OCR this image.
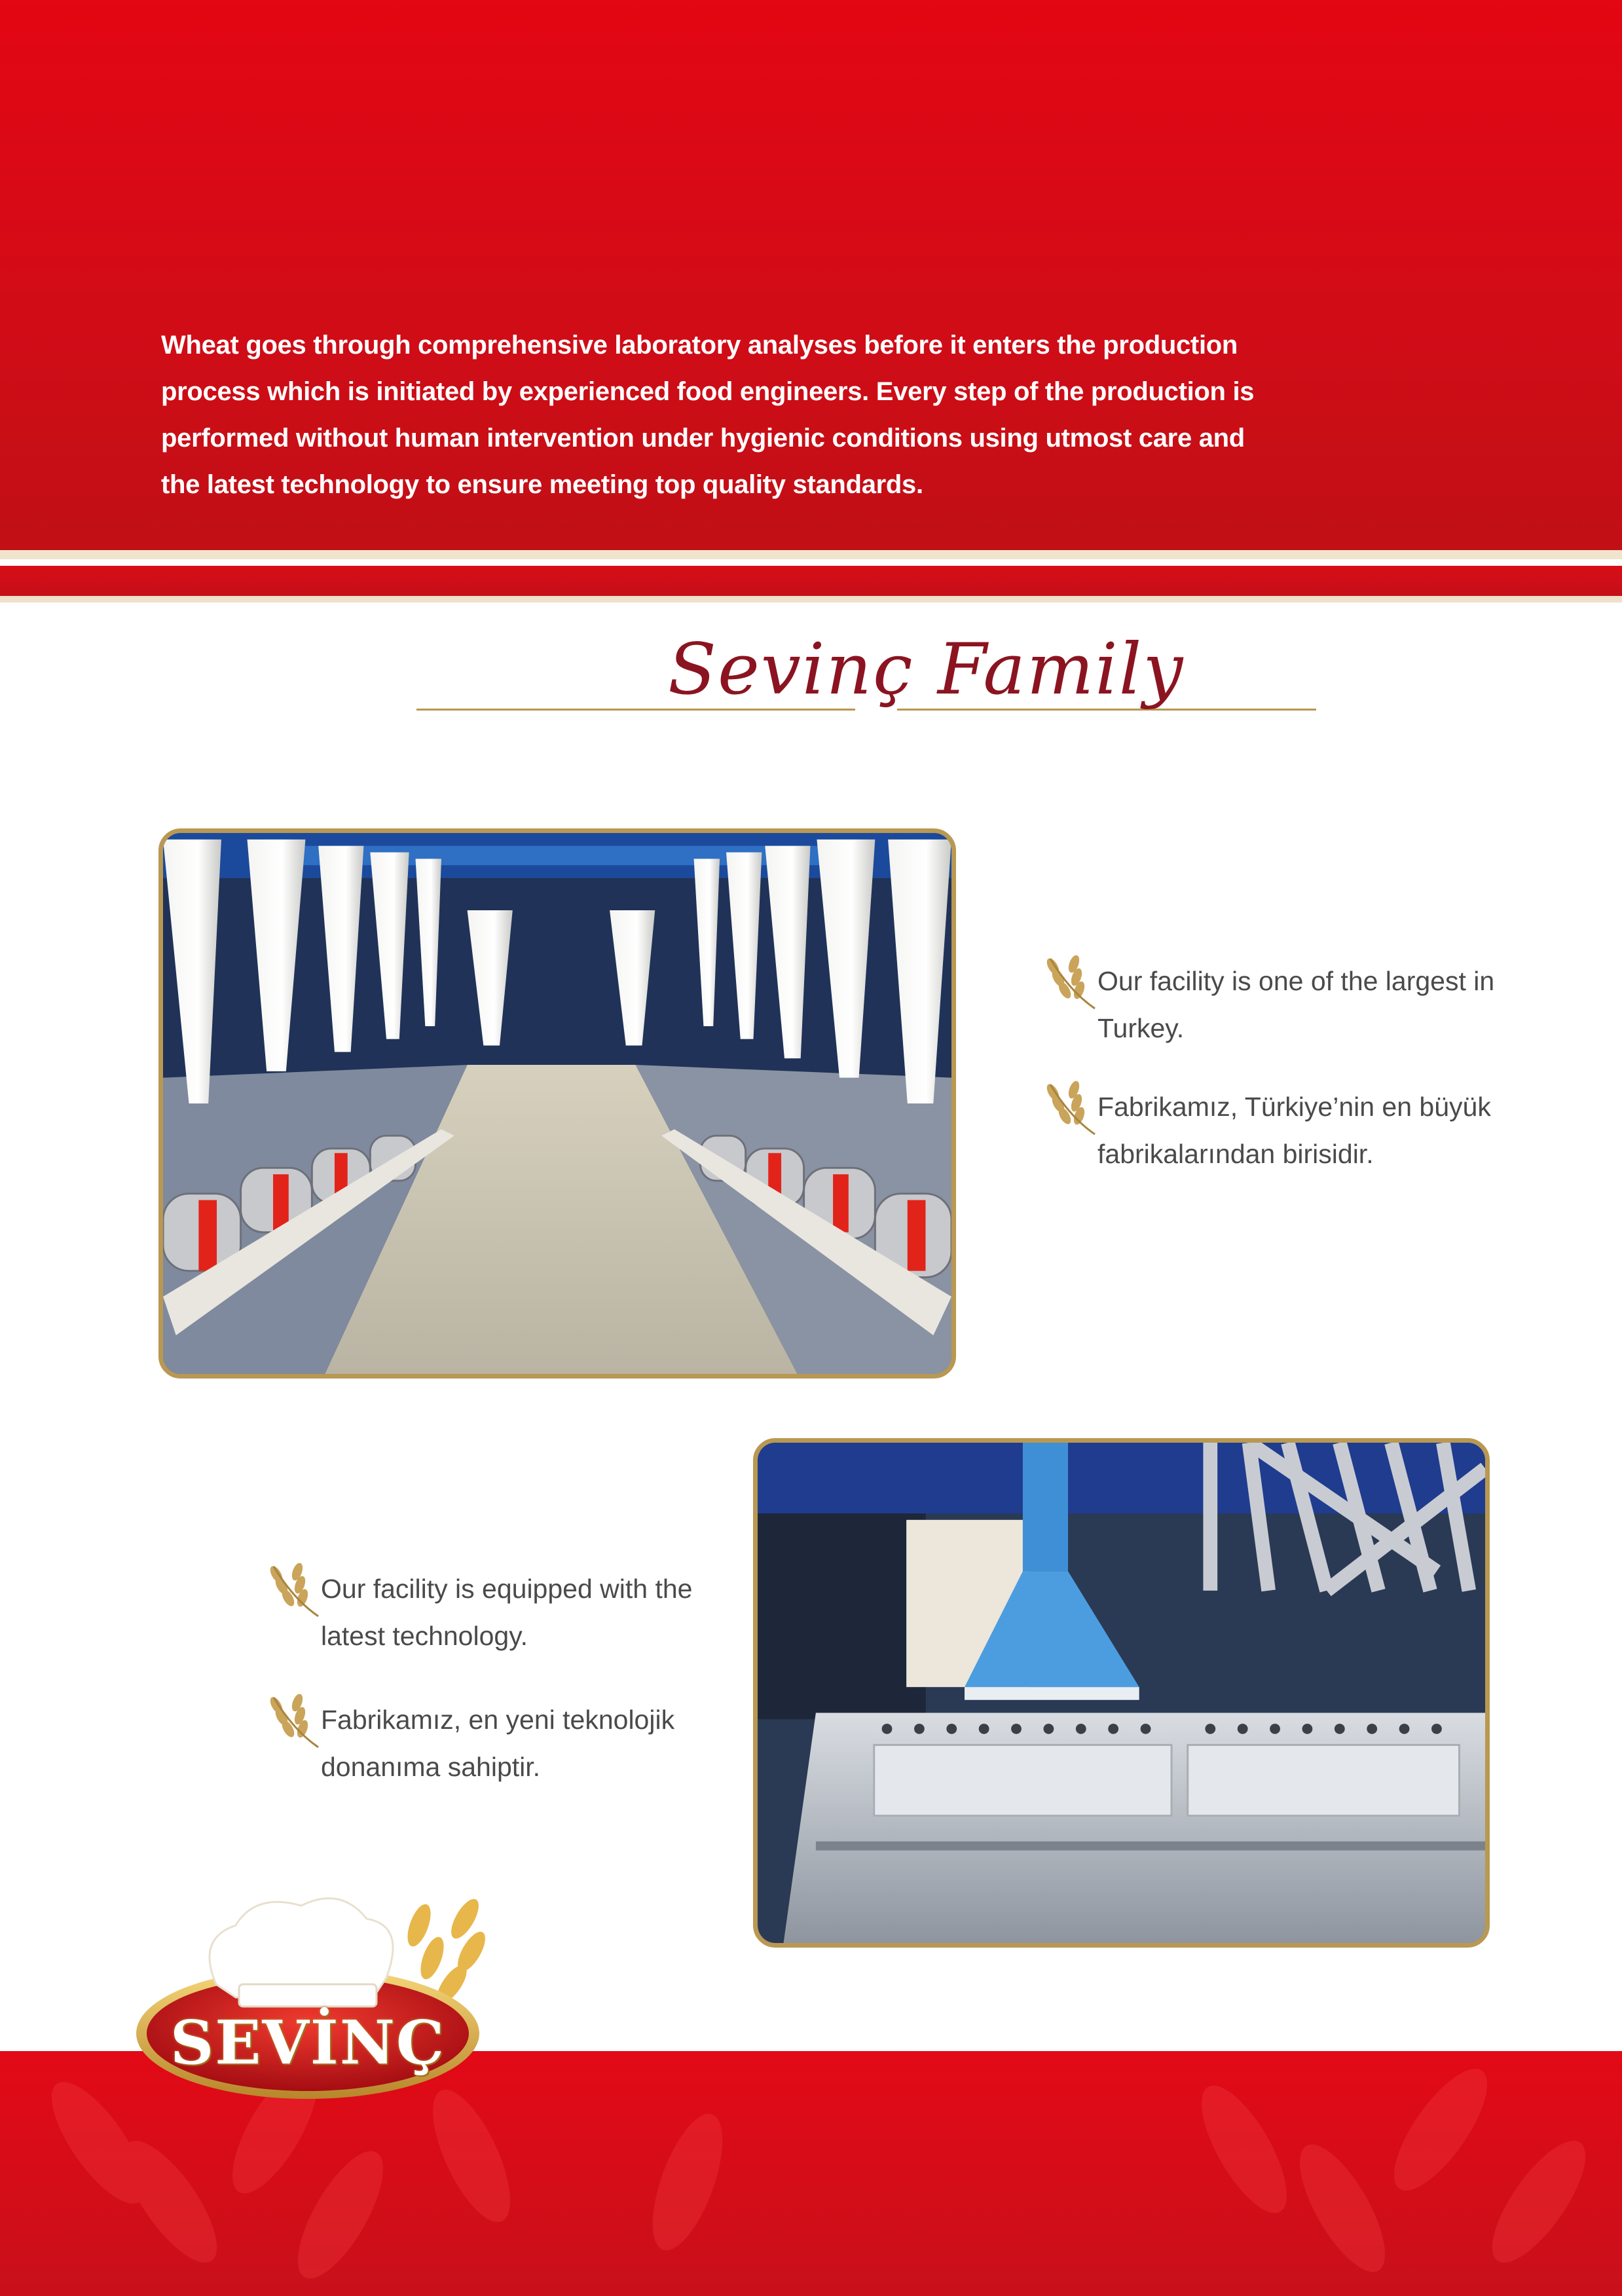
Wheat goes through comprehensive laboratory analyses before it enters the production process which is initiated by experienced food engineers. Every step of the production is performed without human intervention under hygienic conditions using utmost care and the latest technology to ensure meeting top quality standards.

Sevinç Family
Our facility is one of the largest in Turkey.
Fabrikamız, Türkiye’nin en büyük fabrikalarından birisidir.
Our facility is equipped with the latest technology.
Fabrikamız, en yeni teknolojik donanıma sahiptir.
SEVİNÇ
